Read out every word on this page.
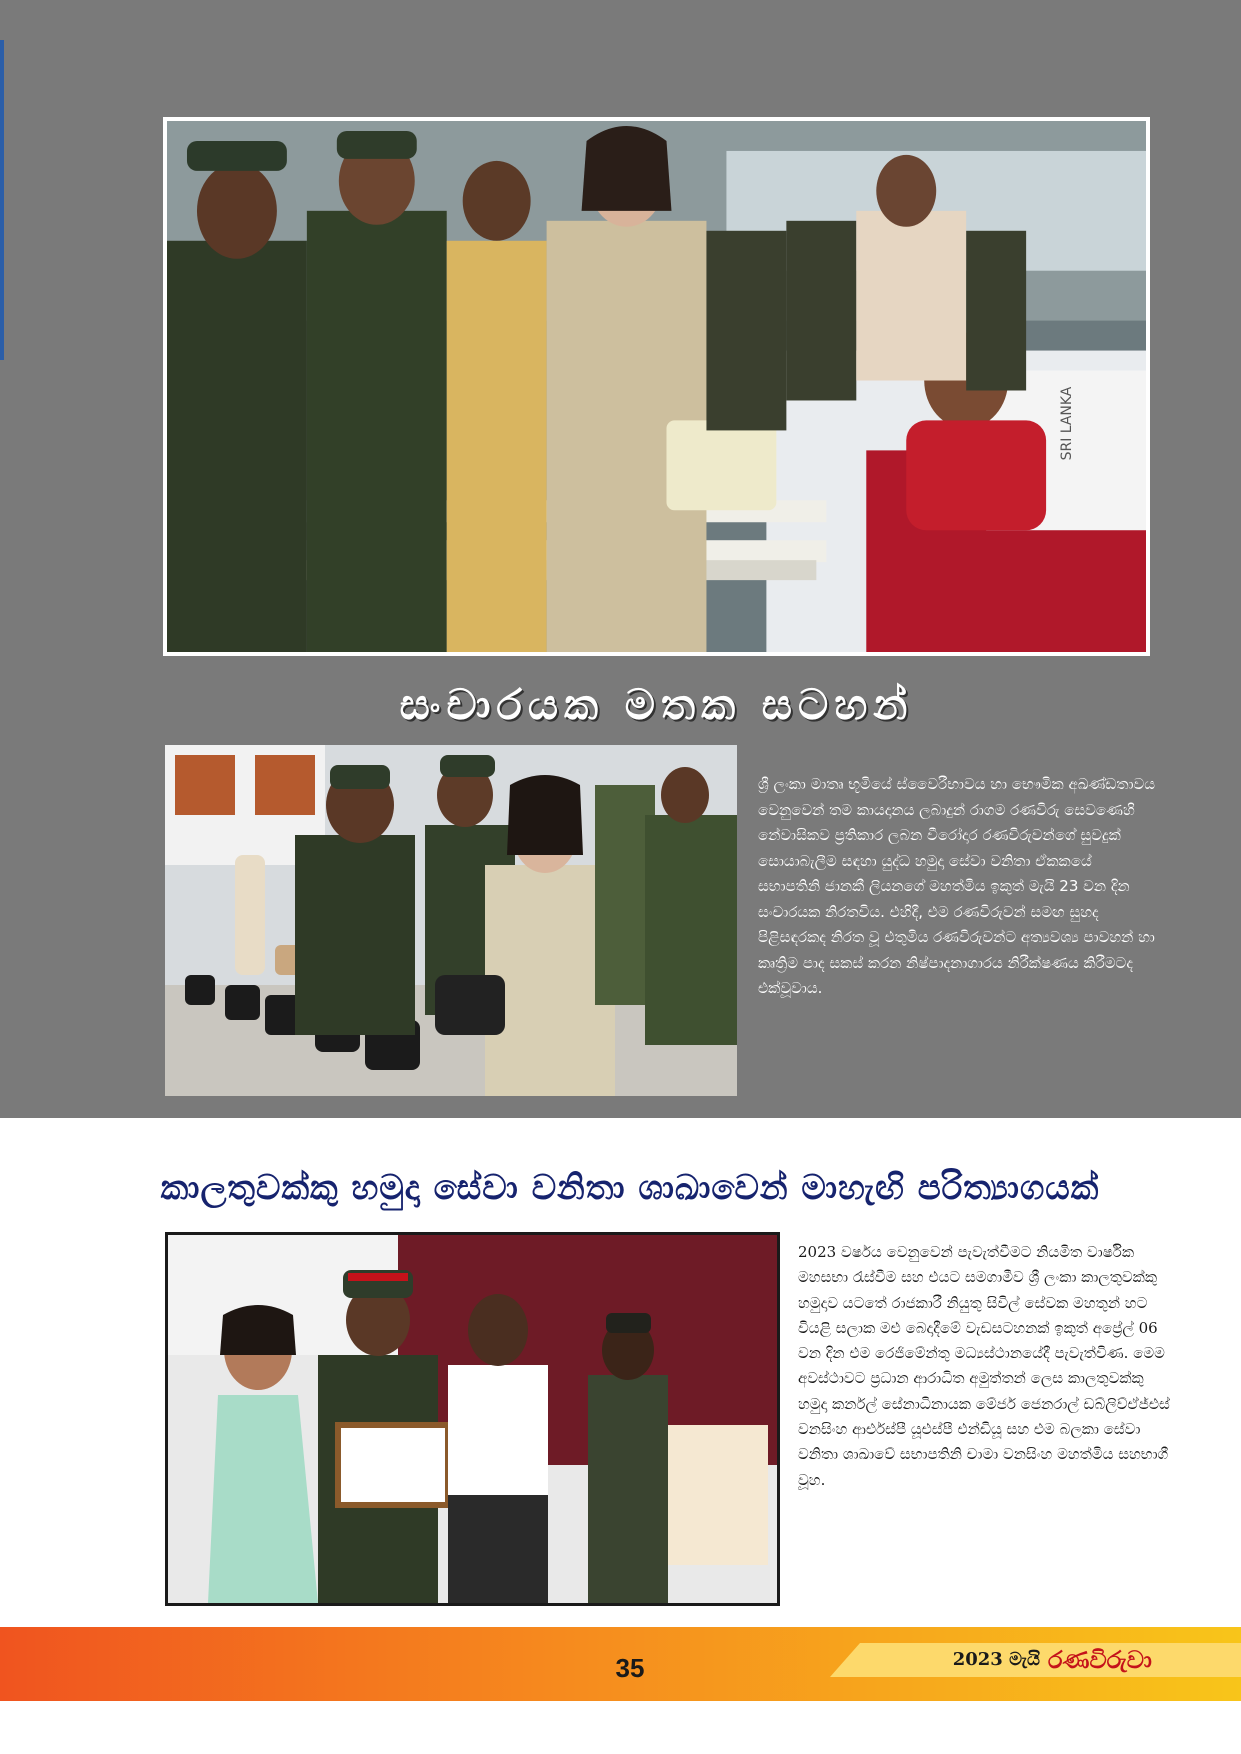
SRI LANKA
සංචාරයක මතක සටහන්
ශ්‍රී ලංකා මාතෘ භූමියේ ස්වෛරීභාවය හා භෞමික අඛණ්ඩතාවය වෙනුවෙන් තම කායදානය ලබාදුන් රාගම රණවිරු සෙවණෙහි නේවාසිකව ප්‍රතිකාර ලබන වීරෝදාර රණවිරුවන්ගේ සුවදුක් සොයාබැලීම සඳහා යුද්ධ හමුදා සේවා වනිතා ඒකකයේ සභාපතිනි ජානකී ලියනගේ මහත්මිය ඉකුත් මැයි 23 වන දින සංචාරයක නිරතවිය. එහිදී, එම රණවිරුවන් සමඟ සුහද පිළිසඳරකද නිරත වූ එතුමිය රණවිරුවන්ට අත්‍යවශ්‍ය පාවහන් හා කෘත්‍රිම පාද සකස් කරන නිෂ්පාදනාගාරය නිරීක්ෂණය කිරීමටද එක්වූවාය.
කාලතුවක්කු හමුදා සේවා වනිතා ශාඛාවෙන් මාහැඟි පරිත්‍යාගයක්
2023 වර්ෂය වෙනුවෙන් පැවැත්වීමට නියමිත වාර්ෂික මහසභා රැස්වීම සහ එයට සමගාමීව ශ්‍රී ලංකා කාලතුවක්කු හමුදාව යටතේ රාජකාරී නියුතු සිවිල් සේවක මහතුන් හට වියළි සලාක මළු බෙදාදීමේ වැඩසටහනක් ඉකුත් අප්‍රේල් 06 වන දින එම රෙජිමේන්තු මධ්‍යස්ථානයේදී පැවැත්විණ. මෙම අවස්ථාවට ප්‍රධාන ආරාධිත අමුත්තන් ලෙස කාලතුවක්කු හමුදා කර්නල් සේනාධිනායක මේජර් ජෙනරාල් ඩබ්ලිව්ඒජ්එස් වනසිංහ ආර්එස්පී යූඑස්පී එන්ඩියූ සහ එම බලකා සේවා වනිතා ශාඛාවේ සභාපතිනි චාමා වනසිංහ මහත්මිය සහභාගී වූහ.
35	2023 මැයි රණවිරුවා
